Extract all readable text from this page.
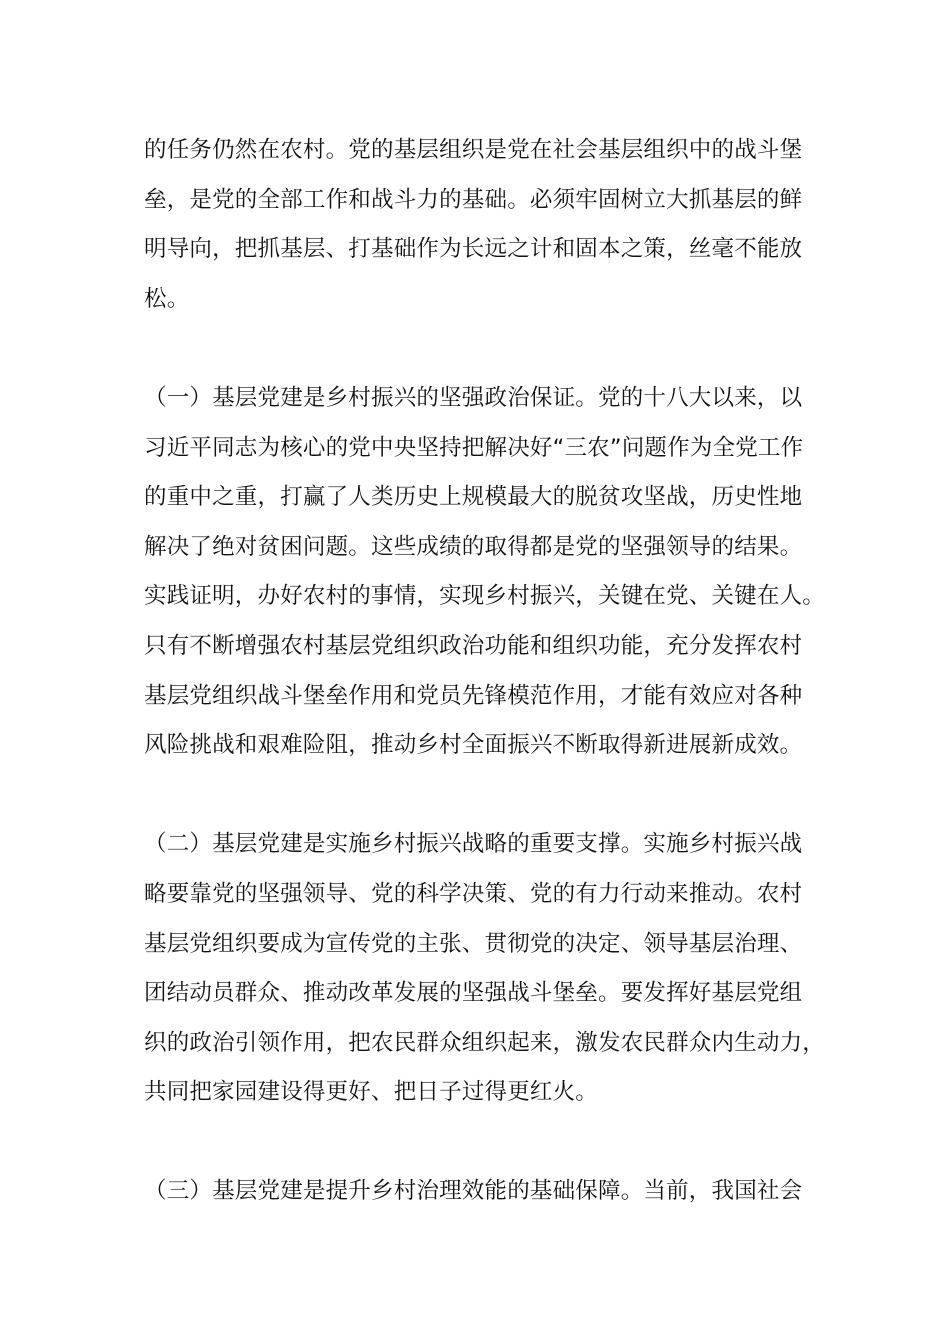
的任务仍然在农村。党的基层组织是党在社会基层组织中的战斗堡
垒，是党的全部工作和战斗力的基础。必须牢固树立大抓基层的鲜
明导向，把抓基层、打基础作为长远之计和固本之策，丝毫不能放
松。

（一）基层党建是乡村振兴的坚强政治保证。党的十八大以来，以
习近平同志为核心的党中央坚持把解决好“三农”问题作为全党工作
的重中之重，打赢了人类历史上规模最大的脱贫攻坚战，历史性地
解决了绝对贫困问题。这些成绩的取得都是党的坚强领导的结果。
实践证明，办好农村的事情，实现乡村振兴，关键在党、关键在人。
只有不断增强农村基层党组织政治功能和组织功能，充分发挥农村
基层党组织战斗堡垒作用和党员先锋模范作用，才能有效应对各种
风险挑战和艰难险阻，推动乡村全面振兴不断取得新进展新成效。

（二）基层党建是实施乡村振兴战略的重要支撑。实施乡村振兴战
略要靠党的坚强领导、党的科学决策、党的有力行动来推动。农村
基层党组织要成为宣传党的主张、贯彻党的决定、领导基层治理、
团结动员群众、推动改革发展的坚强战斗堡垒。要发挥好基层党组
织的政治引领作用，把农民群众组织起来，激发农民群众内生动力，
共同把家园建设得更好、把日子过得更红火。

（三）基层党建是提升乡村治理效能的基础保障。当前，我国社会
